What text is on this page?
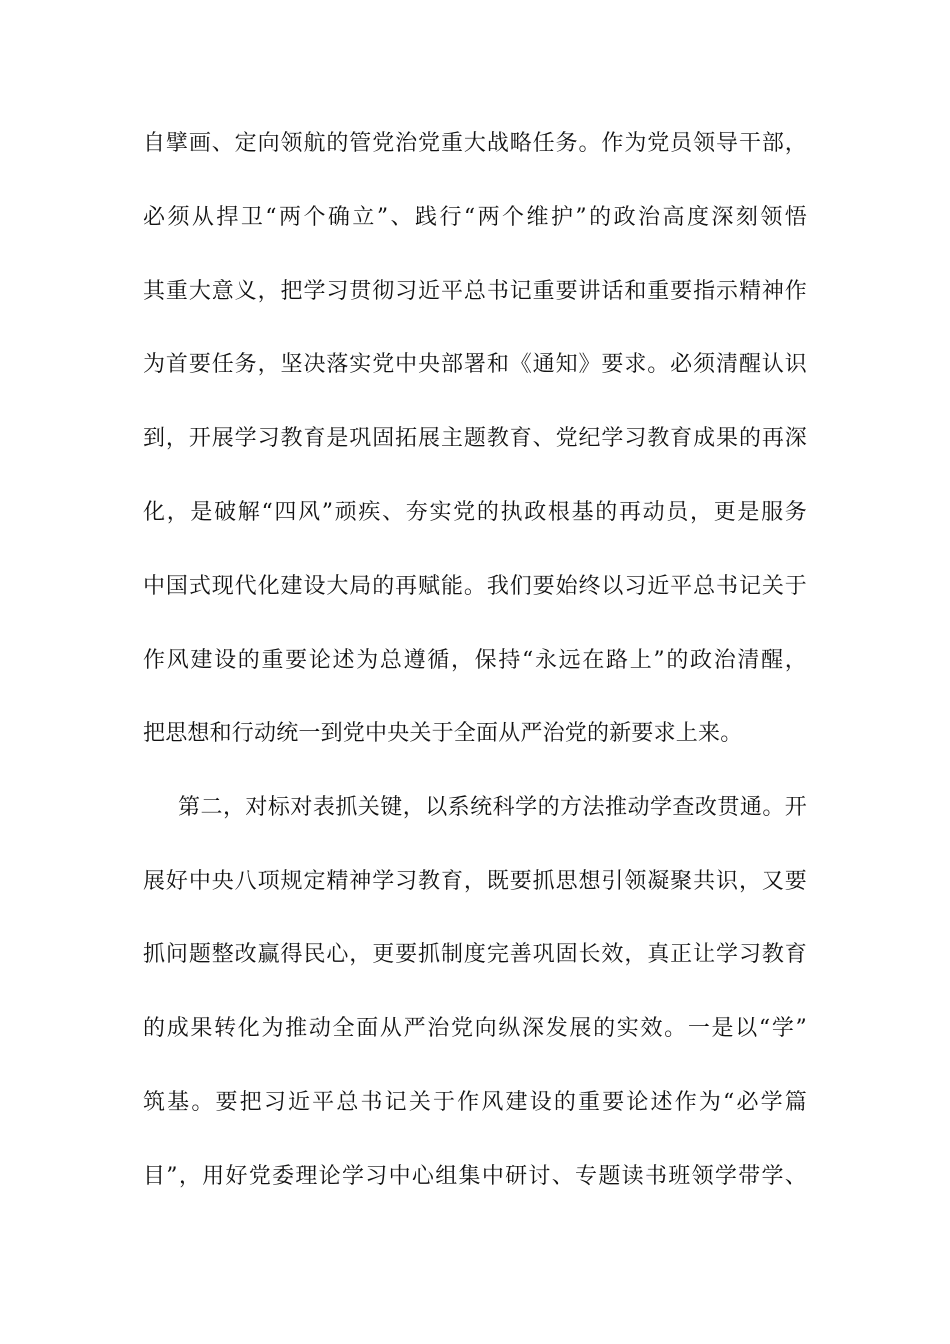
自擘画、定向领航的管党治党重大战略任务。作为党员领导干部，
必须从捍卫“两个确立”、践行“两个维护”的政治高度深刻领悟
其重大意义，把学习贯彻习近平总书记重要讲话和重要指示精神作
为首要任务，坚决落实党中央部署和《通知》要求。必须清醒认识
到，开展学习教育是巩固拓展主题教育、党纪学习教育成果的再深
化，是破解“四风”顽疾、夯实党的执政根基的再动员，更是服务
中国式现代化建设大局的再赋能。我们要始终以习近平总书记关于
作风建设的重要论述为总遵循，保持“永远在路上”的政治清醒，
把思想和行动统一到党中央关于全面从严治党的新要求上来。
第二，对标对表抓关键，以系统科学的方法推动学查改贯通。开
展好中央八项规定精神学习教育，既要抓思想引领凝聚共识，又要
抓问题整改赢得民心，更要抓制度完善巩固长效，真正让学习教育
的成果转化为推动全面从严治党向纵深发展的实效。一是以“学”
筑基。要把习近平总书记关于作风建设的重要论述作为“必学篇
目”，用好党委理论学习中心组集中研讨、专题读书班领学带学、
